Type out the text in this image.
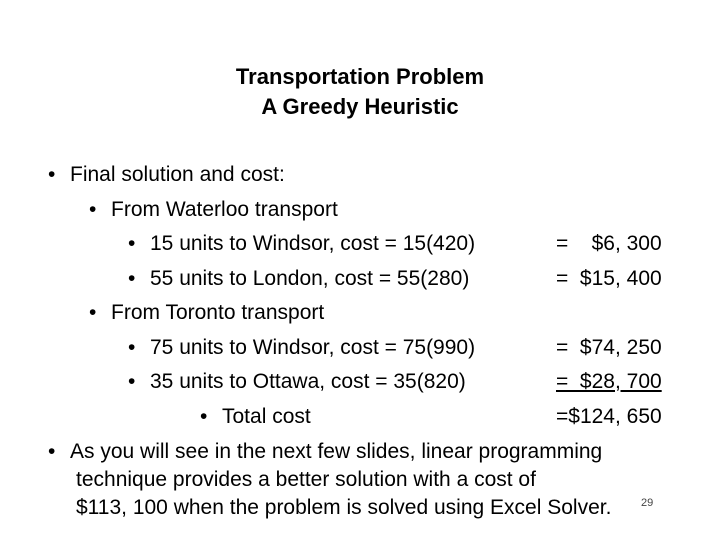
Transportation Problem
A Greedy Heuristic
• Final solution and cost:
• From Waterloo transport
• 15 units to Windsor, cost = 15(420)	=    $6, 300
• 55 units to London, cost = 55(280)	=  $15, 400
• From Toronto transport
• 75 units to Windsor, cost = 75(990)	=  $74, 250
• 35 units to Ottawa, cost = 35(820)	=  $28, 700
• Total cost	=$124, 650
• As you will see in the next few slides, linear programming
technique provides a better solution with a cost of
$113, 100 when the problem is solved using Excel Solver.	29
